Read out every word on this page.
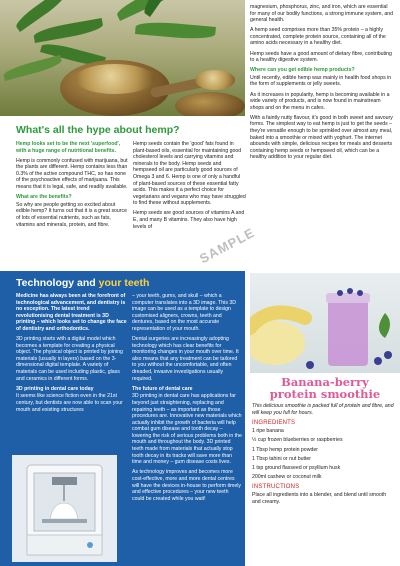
magnesium, phosphorus, zinc, and iron, which are essential for many of our bodily functions, a strong immune system, and general health.

A hemp seed comprises more than 35% protein – a highly concentrated, complete protein source, containing all of the amino acids necessary in a healthy diet.

Hemp seeds have a good amount of dietary fibre, contributing to a healthy digestive system.

Where can you get edible hemp products?

Until recently, edible hemp was mainly in health food shops in the form of supplements or jelly sweets.

As it increases in popularity, hemp is becoming available in a wide variety of products, and is now found in mainstream shops and on the menu in cafes.

With a faintly nutty flavour, it's good in both sweet and savoury forms. The simplest way to eat hemp is just to get the seeds – they're versatile enough to be sprinkled over almost any meal, baked into a smoothie or mixed with yoghurt. The internet abounds with simple, delicious recipes for meals and desserts containing hemp seeds or hempseed oil, which can be a healthy addition to your regular diet.

What's all the hype about hemp?

Hemp looks set to be the next 'superfood', with a huge range of nutritional benefits.

Hemp is commonly confused with marijuana, but the plants are different. Hemp contains less than 0.3% of the active compound THC, so has none of the psychoactive effects of marijuana. This means that it is legal, safe, and readily available.

What are the benefits?

So why are people getting so excited about edible hemp? It turns out that it is a great source of lots of essential nutrients, such as fats, vitamins and minerals, protein, and fibre.

Hemp seeds contain the 'good' fats found in plant-based oils, essential for maintaining good cholesterol levels and carrying vitamins and minerals to the body. Hemp seeds and hempseed oil are particularly good sources of Omega 3 and 6. Hemp is one of only a handful of plant-based sources of these essential fatty acids. This makes it a perfect choice for vegetarians and vegans who may have struggled to find these without supplements.

Hemp seeds are good sources of vitamins A and E, and many B vitamins. They also have high levels of	SAMPLE
Technology and your teeth

Medicine has always been at the forefront of technological advancement, and dentistry is no exception. The latest trend revolutionising dental treatment is 3D printing – which looks set to change the face of dentistry and orthodontics.

3D printing starts with a digital model which becomes a template for creating a physical object. The physical object is printed by joining materials (usually in layers) based on the 3-dimensional digital template. A variety of materials can be used including plastic, glass and ceramics in different forms.

3D printing in dental care today

It seems like science fiction even in the 21st century, but dentists are now able to scan your mouth and existing structures

– your teeth, gums, and skull – which a computer translates into a 3D image. This 3D image can be used as a template to design customised aligners, crowns, teeth and dentures, based on the most accurate representation of your mouth.

Dental surgeries are increasingly adopting technology which has clear benefits for monitoring changes in your mouth over time. It also means that any treatment can be tailored to you without the uncomfortable, and often dreaded, invasive investigations usually required.

The future of dental care

3D printing in dental care has applications far beyond just straightening, replacing and repairing teeth – as important as those procedures are. Innovative new materials which actually inhibit the growth of bacteria will help combat gum disease and tooth decay – lowering the risk of serious problems both in the mouth and throughout the body. 3D printed teeth made from materials that actually stop tooth decay in its tracks will save more than time and money – gum disease costs lives.

As technology improves and becomes more cost-effective, more and more dental centres will have the devices in-house to perform timely and effective procedures – your new teeth could be created while you wait!

Banana-berry
protein smoothie

This delicious smoothie is packed full of protein and fibre, and will keep you full for hours.

INGREDIENTS

1 ripe banana

½ cup frozen blueberries or raspberries

1 Tbsp hemp protein powder

1 Tbsp tahini or nut butter

1 tsp ground flaxseed or psyllium husk

200ml cashew or coconut milk

INSTRUCTIONS

Place all ingredients into a blender, and blend until smooth and creamy.
